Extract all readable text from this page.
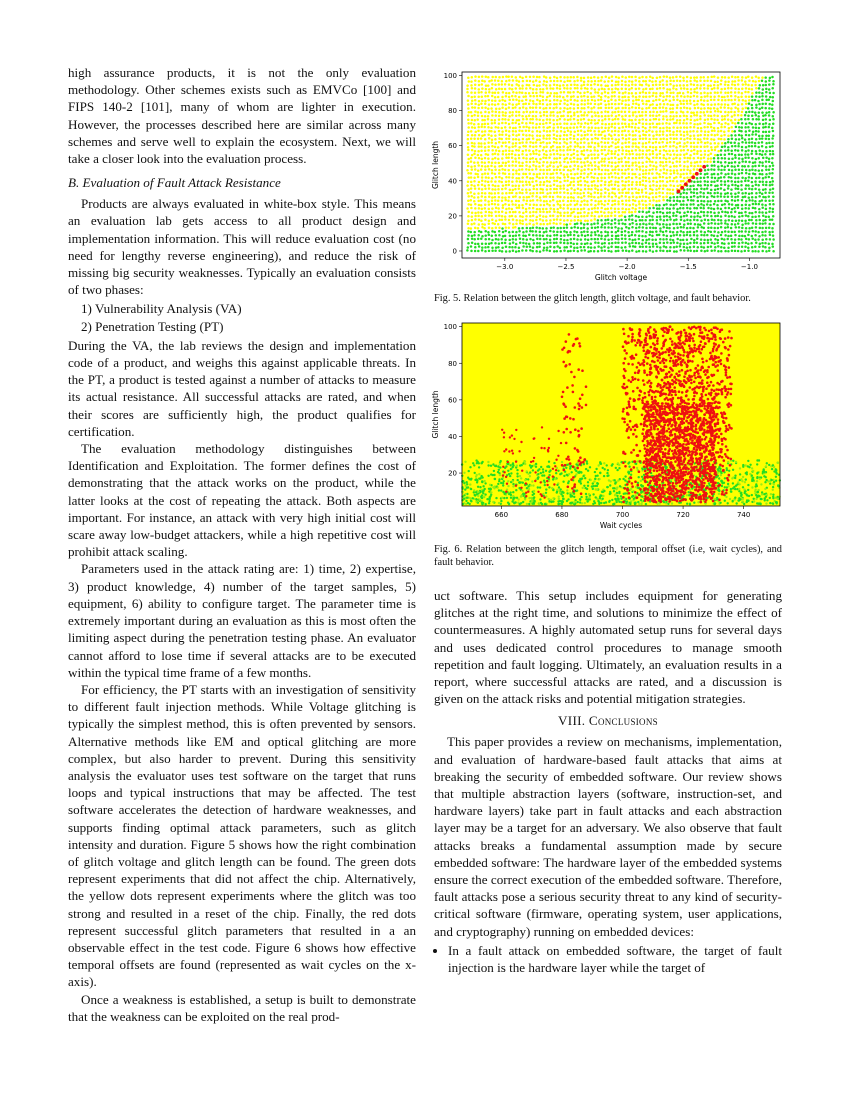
high assurance products, it is not the only evaluation methodology. Other schemes exists such as EMVCo [100] and FIPS 140-2 [101], many of whom are lighter in execution. However, the processes described here are similar across many schemes and serve well to explain the ecosystem. Next, we will take a closer look into the evaluation process.

B. Evaluation of Fault Attack Resistance

Products are always evaluated in white-box style. This means an evaluation lab gets access to all product design and implementation information. This will reduce evaluation cost (no need for lengthy reverse engineering), and reduce the risk of missing big security weaknesses. Typically an evaluation consists of two phases:

1) Vulnerability Analysis (VA)
2) Penetration Testing (PT)

During the VA, the lab reviews the design and implementation code of a product, and weighs this against applicable threats. In the PT, a product is tested against a number of attacks to measure its actual resistance. All successful attacks are rated, and when their scores are sufficiently high, the product qualifies for certification.

The evaluation methodology distinguishes between Identification and Exploitation. The former defines the cost of demonstrating that the attack works on the product, while the latter looks at the cost of repeating the attack. Both aspects are important. For instance, an attack with very high initial cost will scare away low-budget attackers, while a high repetitive cost will prohibit attack scaling.

Parameters used in the attack rating are: 1) time, 2) expertise, 3) product knowledge, 4) number of the target samples, 5) equipment, 6) ability to configure target. The parameter time is extremely important during an evaluation as this is most often the limiting aspect during the penetration testing phase. An evaluator cannot afford to lose time if several attacks are to be executed within the typical time frame of a few months.

For efficiency, the PT starts with an investigation of sensitivity to different fault injection methods. While Voltage glitching is typically the simplest method, this is often prevented by sensors. Alternative methods like EM and optical glitching are more complex, but also harder to prevent. During this sensitivity analysis the evaluator uses test software on the target that runs loops and typical instructions that may be affected. The test software accelerates the detection of hardware weaknesses, and supports finding optimal attack parameters, such as glitch intensity and duration. Figure 5 shows how the right combination of glitch voltage and glitch length can be found. The green dots represent experiments that did not affect the chip. Alternatively, the yellow dots represent experiments where the glitch was too strong and resulted in a reset of the chip. Finally, the red dots represent successful glitch parameters that resulted in a an observable effect in the test code. Figure 6 shows how effective temporal offsets are found (represented as wait cycles on the x-axis).

Once a weakness is established, a setup is built to demonstrate that the weakness can be exploited on the real prod-

−3.0	−2.5	−2.0	−1.5	−1.0
0
20
40
60
80
100
Glitch voltage
Glitch length
Fig. 5. Relation between the glitch length, glitch voltage, and fault behavior.
660	680	700	720	740
20
40
60
80
100
Wait cycles
Glitch length
Fig. 6. Relation between the glitch length, temporal offset (i.e, wait cycles), and fault behavior.

uct software. This setup includes equipment for generating glitches at the right time, and solutions to minimize the effect of countermeasures. A highly automated setup runs for several days and uses dedicated control procedures to manage smooth repetition and fault logging. Ultimately, an evaluation results in a report, where successful attacks are rated, and a discussion is given on the attack risks and potential mitigation strategies.

VIII. Conclusions

This paper provides a review on mechanisms, implementation, and evaluation of hardware-based fault attacks that aims at breaking the security of embedded software. Our review shows that multiple abstraction layers (software, instruction-set, and hardware layers) take part in fault attacks and each abstraction layer may be a target for an adversary. We also observe that fault attacks breaks a fundamental assumption made by secure embedded software: The hardware layer of the embedded systems ensure the correct execution of the embedded software. Therefore, fault attacks pose a serious security threat to any kind of security-critical software (firmware, operating system, user applications, and cryptography) running on embedded devices:

• In a fault attack on embedded software, the target of fault injection is the hardware layer while the target of
